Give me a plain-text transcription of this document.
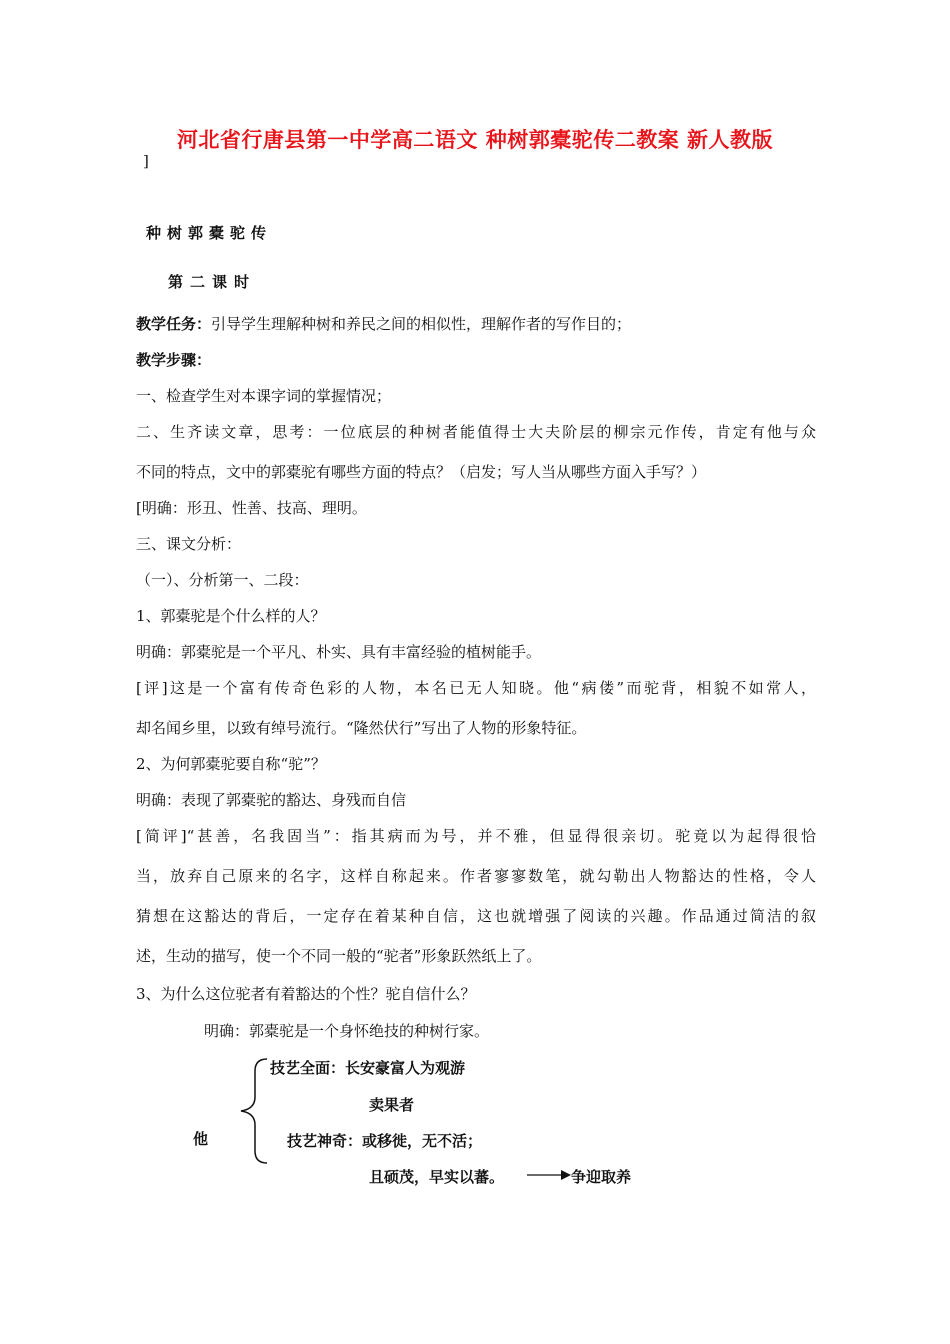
河北省行唐县第一中学高二语文 种树郭橐驼传二教案 新人教版
]
种树郭橐驼传
第二课时
教学任务：引导学生理解种树和养民之间的相似性，理解作者的写作目的；
教学步骤：
一、检查学生对本课字词的掌握情况；
二、生齐读文章，思考：一位底层的种树者能值得士大夫阶层的柳宗元作传，肯定有他与众
不同的特点，文中的郭橐驼有哪些方面的特点？（启发；写人当从哪些方面入手写？）
[明确：形丑、性善、技高、理明。
三、课文分析：
（一）、分析第一、二段：
1、郭橐驼是个什么样的人？
明确：郭橐驼是一个平凡、朴实、具有丰富经验的植树能手。
[评]这是一个富有传奇色彩的人物，本名已无人知晓。他“病偻”而驼背，相貌不如常人，
却名闻乡里，以致有绰号流行。“隆然伏行”写出了人物的形象特征。
2、为何郭橐驼要自称“驼”？
明确：表现了郭橐驼的豁达、身残而自信
[简评]“甚善，名我固当”：指其病而为号，并不雅，但显得很亲切。驼竟以为起得很恰
当，放弃自己原来的名字，这样自称起来。作者寥寥数笔，就勾勒出人物豁达的性格，令人
猜想在这豁达的背后，一定存在着某种自信，这也就增强了阅读的兴趣。作品通过简洁的叙
述，生动的描写，使一个不同一般的“驼者”形象跃然纸上了。
3、为什么这位驼者有着豁达的个性？驼自信什么？
明确：郭橐驼是一个身怀绝技的种树行家。
他
技艺全面：长安豪富人为观游
卖果者
技艺神奇：或移徙，无不活；
且硕茂，早实以蕃。	争迎取养
